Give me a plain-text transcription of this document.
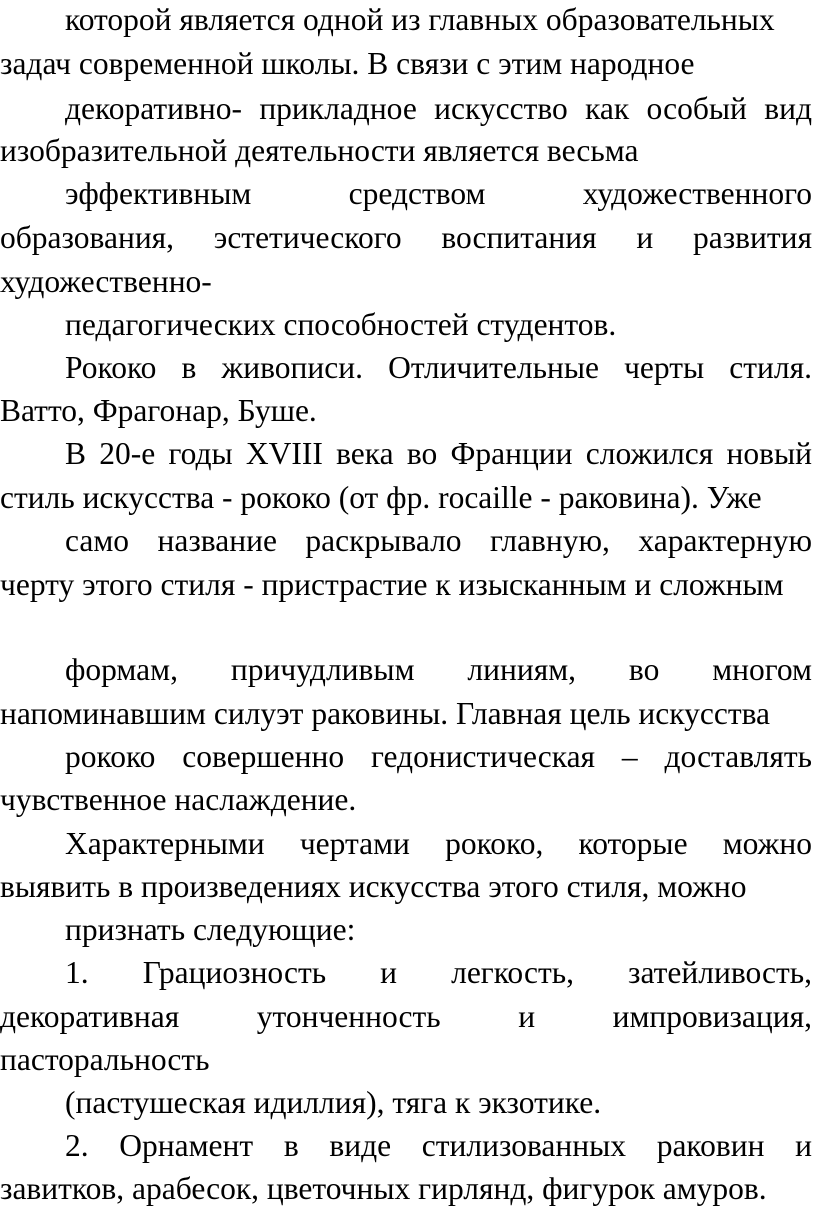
которой является одной из главных образовательных
задач современной школы. В связи с этим народное
декоративно- прикладное искусство как особый вид
изобразительной деятельности является весьма
эффективным средством художественного
образования, эстетического воспитания и развития
художественно-
педагогических способностей студентов.
Рококо в живописи. Отличительные черты стиля.
Ватто, Фрагонар, Буше.
В 20-е годы XVIII века во Франции сложился новый
стиль искусства - рококо (от фр. rocaille - раковина). Уже
само название раскрывало главную, характерную
черту этого стиля - пристрастие к изысканным и сложным
формам, причудливым линиям, во многом
напоминавшим силуэт раковины. Главная цель искусства
рококо совершенно гедонистическая – доставлять
чувственное наслаждение.
Характерными чертами рококо, которые можно
выявить в произведениях искусства этого стиля, можно
признать следующие:
1. Грациозность и легкость, затейливость,
декоративная утонченность и импровизация,
пасторальность
(пастушеская идиллия), тяга к экзотике.
2. Орнамент в виде стилизованных раковин и
завитков, арабесок, цветочных гирлянд, фигурок амуров.
